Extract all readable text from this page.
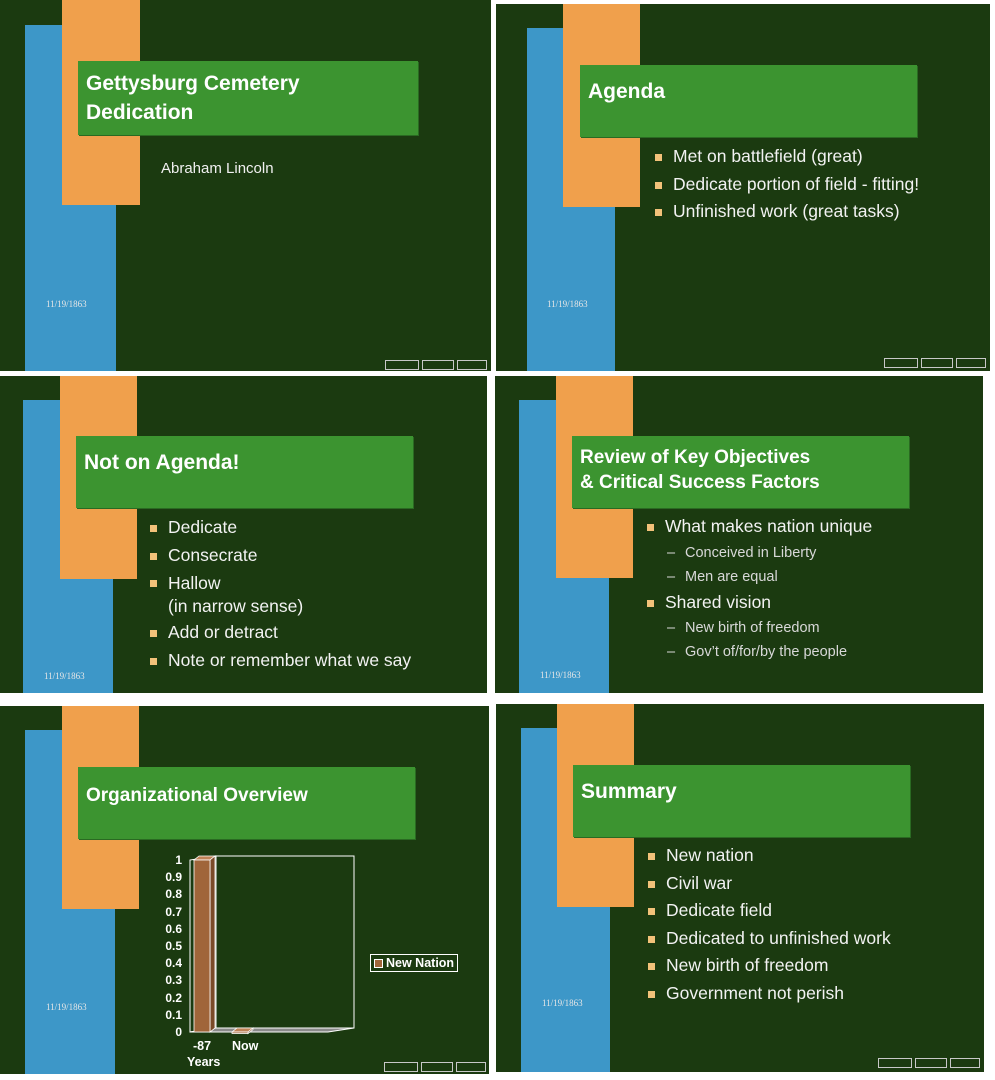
Gettysburg Cemetery
Dedication
Abraham Lincoln
11/19/1863
Agenda
Met on battlefield (great)
Dedicate portion of field - fitting!
Unfinished work (great tasks)
11/19/1863
Not on Agenda!
Dedicate
Consecrate
Hallow
(in narrow sense)
Add or detract
Note or remember what we say
11/19/1863
Review of Key Objectives
& Critical Success Factors
What makes nation unique
– Conceived in Liberty
– Men are equal
Shared vision
– New birth of freedom
– Gov’t of/for/by the people
11/19/1863
Organizational Overview
0
0.1
0.2
0.3
0.4
0.5
0.6
0.7
0.8
0.9
1
-87 Now
Years
New Nation
11/19/1863
Summary
New nation
Civil war
Dedicate field
Dedicated to unfinished work
New birth of freedom
Government not perish
11/19/1863
